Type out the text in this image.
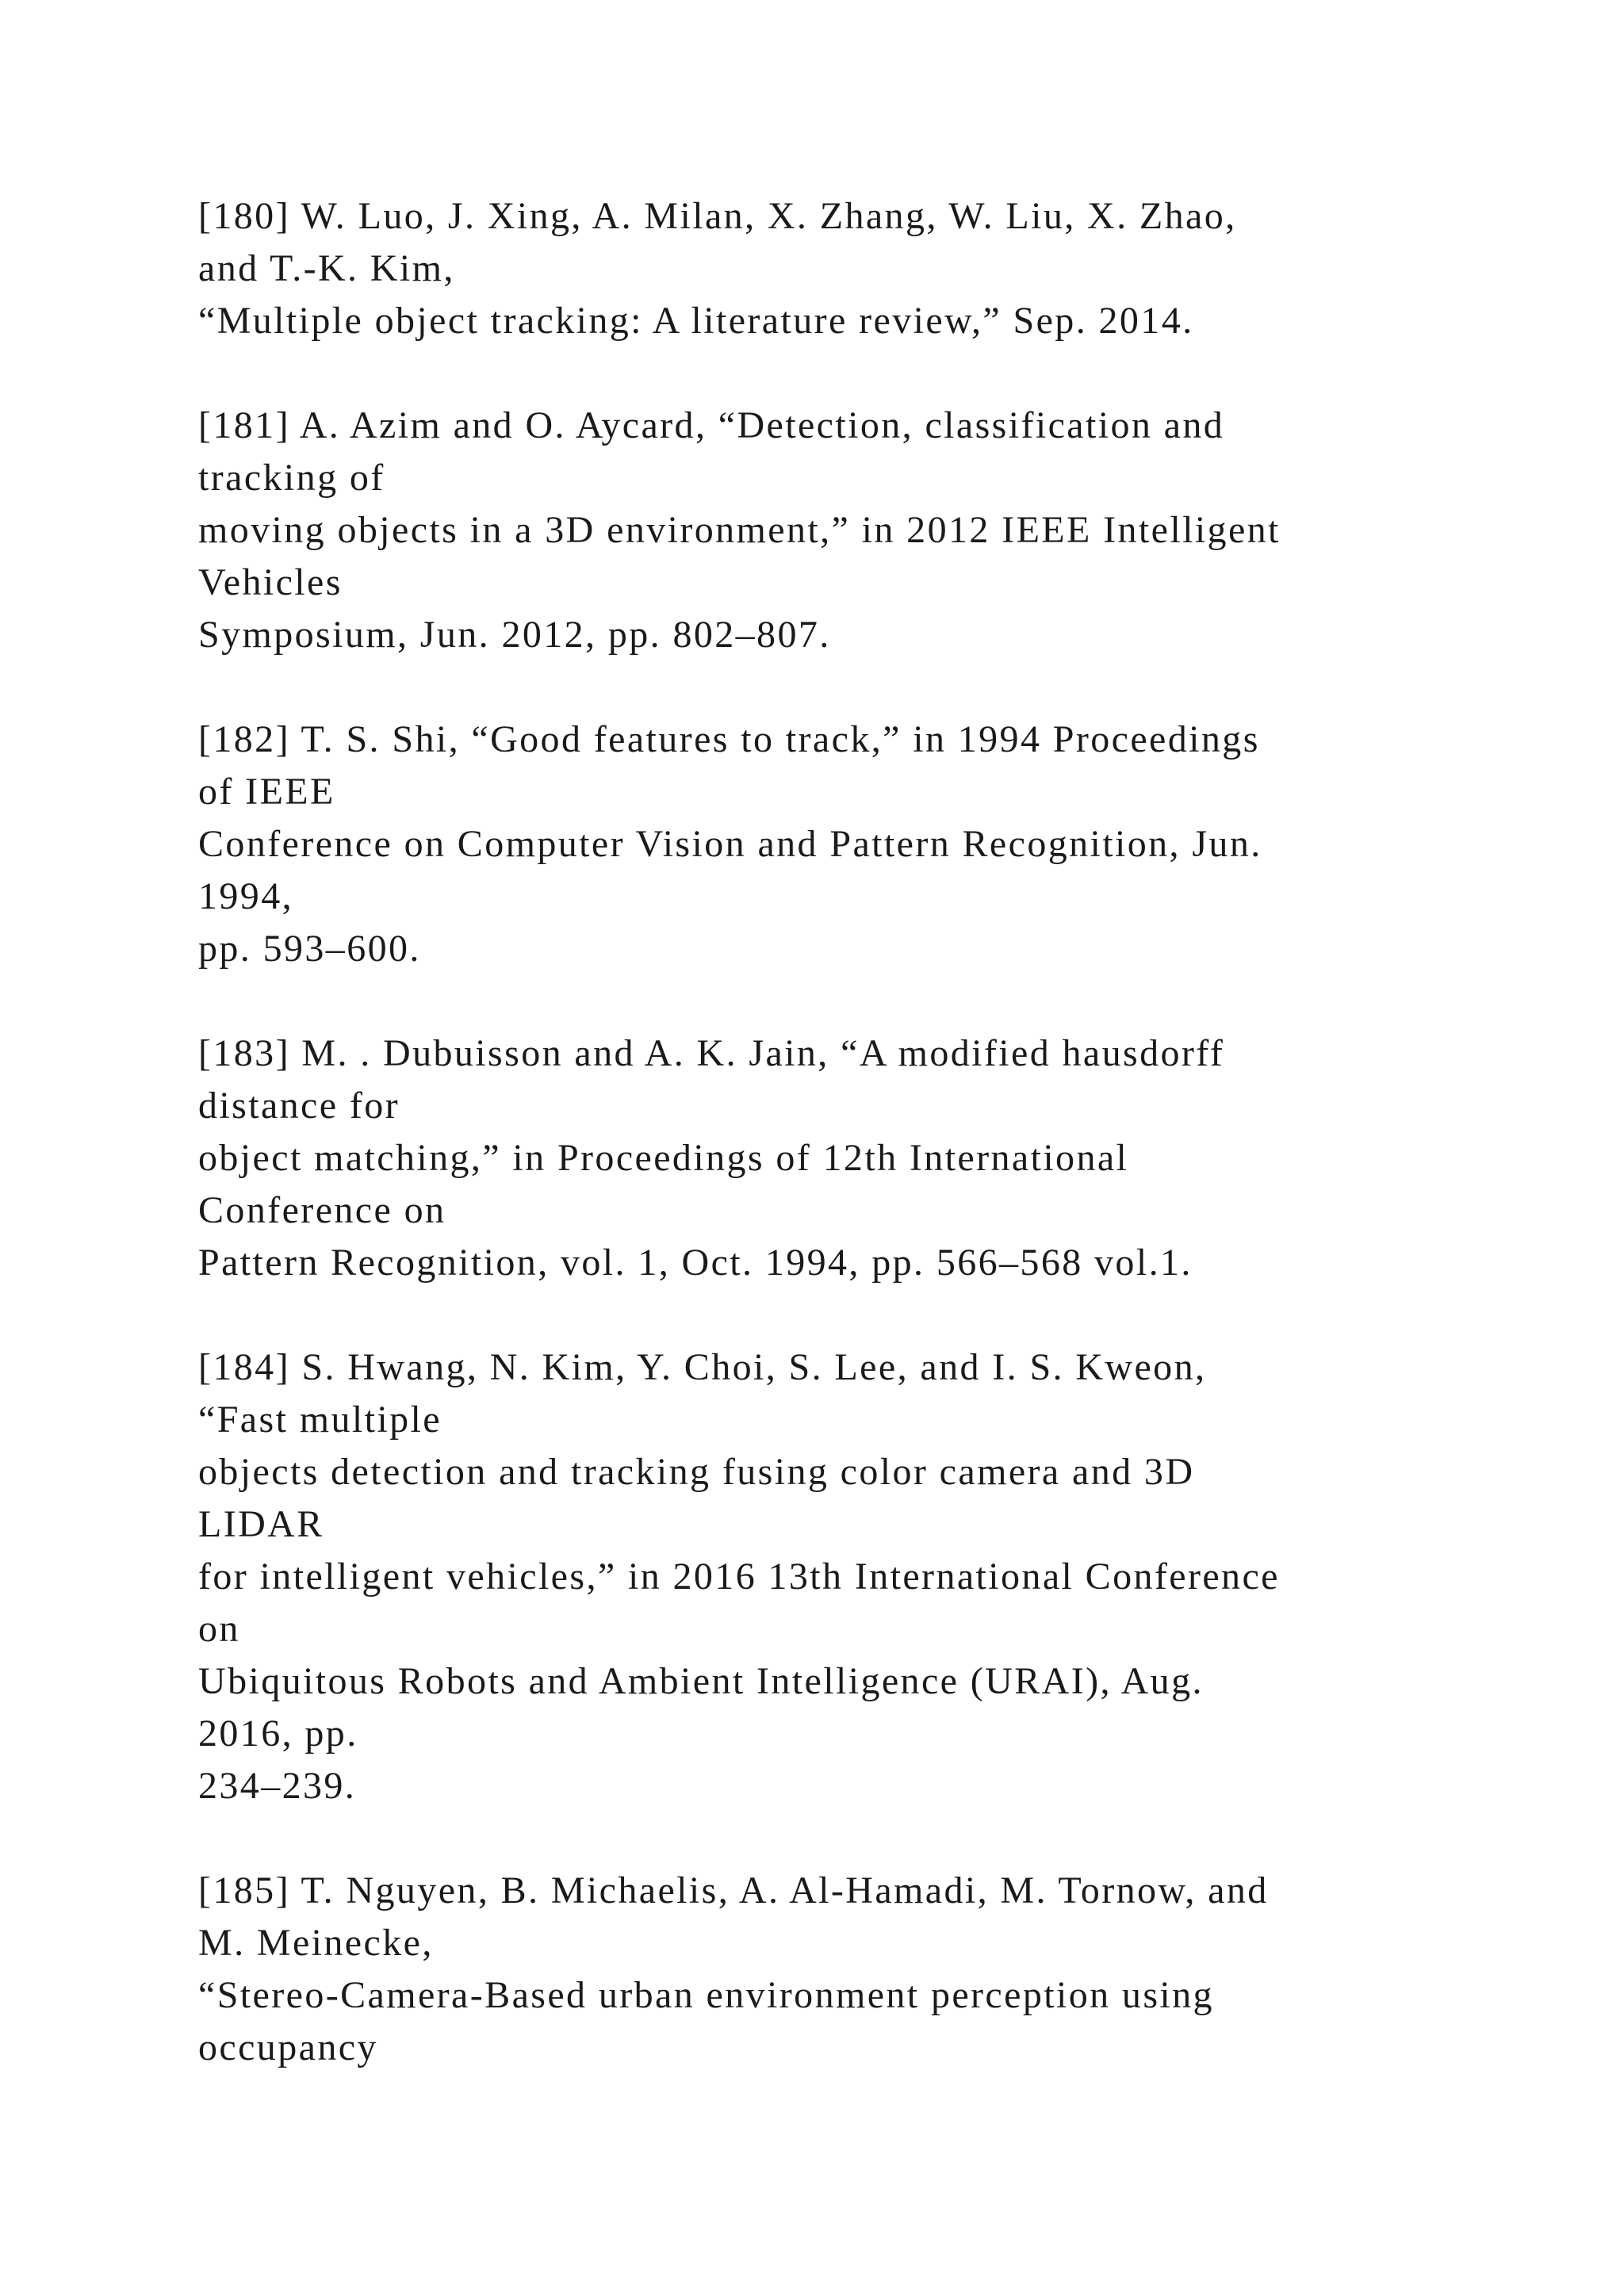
[180] W. Luo, J. Xing, A. Milan, X. Zhang, W. Liu, X. Zhao,
and T.-K. Kim,
“Multiple object tracking: A literature review,” Sep. 2014.
[181] A. Azim and O. Aycard, “Detection, classification and
tracking of
moving objects in a 3D environment,” in 2012 IEEE Intelligent
Vehicles
Symposium, Jun. 2012, pp. 802–807.
[182] T. S. Shi, “Good features to track,” in 1994 Proceedings
of IEEE
Conference on Computer Vision and Pattern Recognition, Jun.
1994,
pp. 593–600.
[183] M. . Dubuisson and A. K. Jain, “A modified hausdorff
distance for
object matching,” in Proceedings of 12th International
Conference on
Pattern Recognition, vol. 1, Oct. 1994, pp. 566–568 vol.1.
[184] S. Hwang, N. Kim, Y. Choi, S. Lee, and I. S. Kweon,
“Fast multiple
objects detection and tracking fusing color camera and 3D
LIDAR
for intelligent vehicles,” in 2016 13th International Conference
on
Ubiquitous Robots and Ambient Intelligence (URAI), Aug.
2016, pp.
234–239.
[185] T. Nguyen, B. Michaelis, A. Al-Hamadi, M. Tornow, and
M. Meinecke,
“Stereo-Camera-Based urban environment perception using
occupancy
